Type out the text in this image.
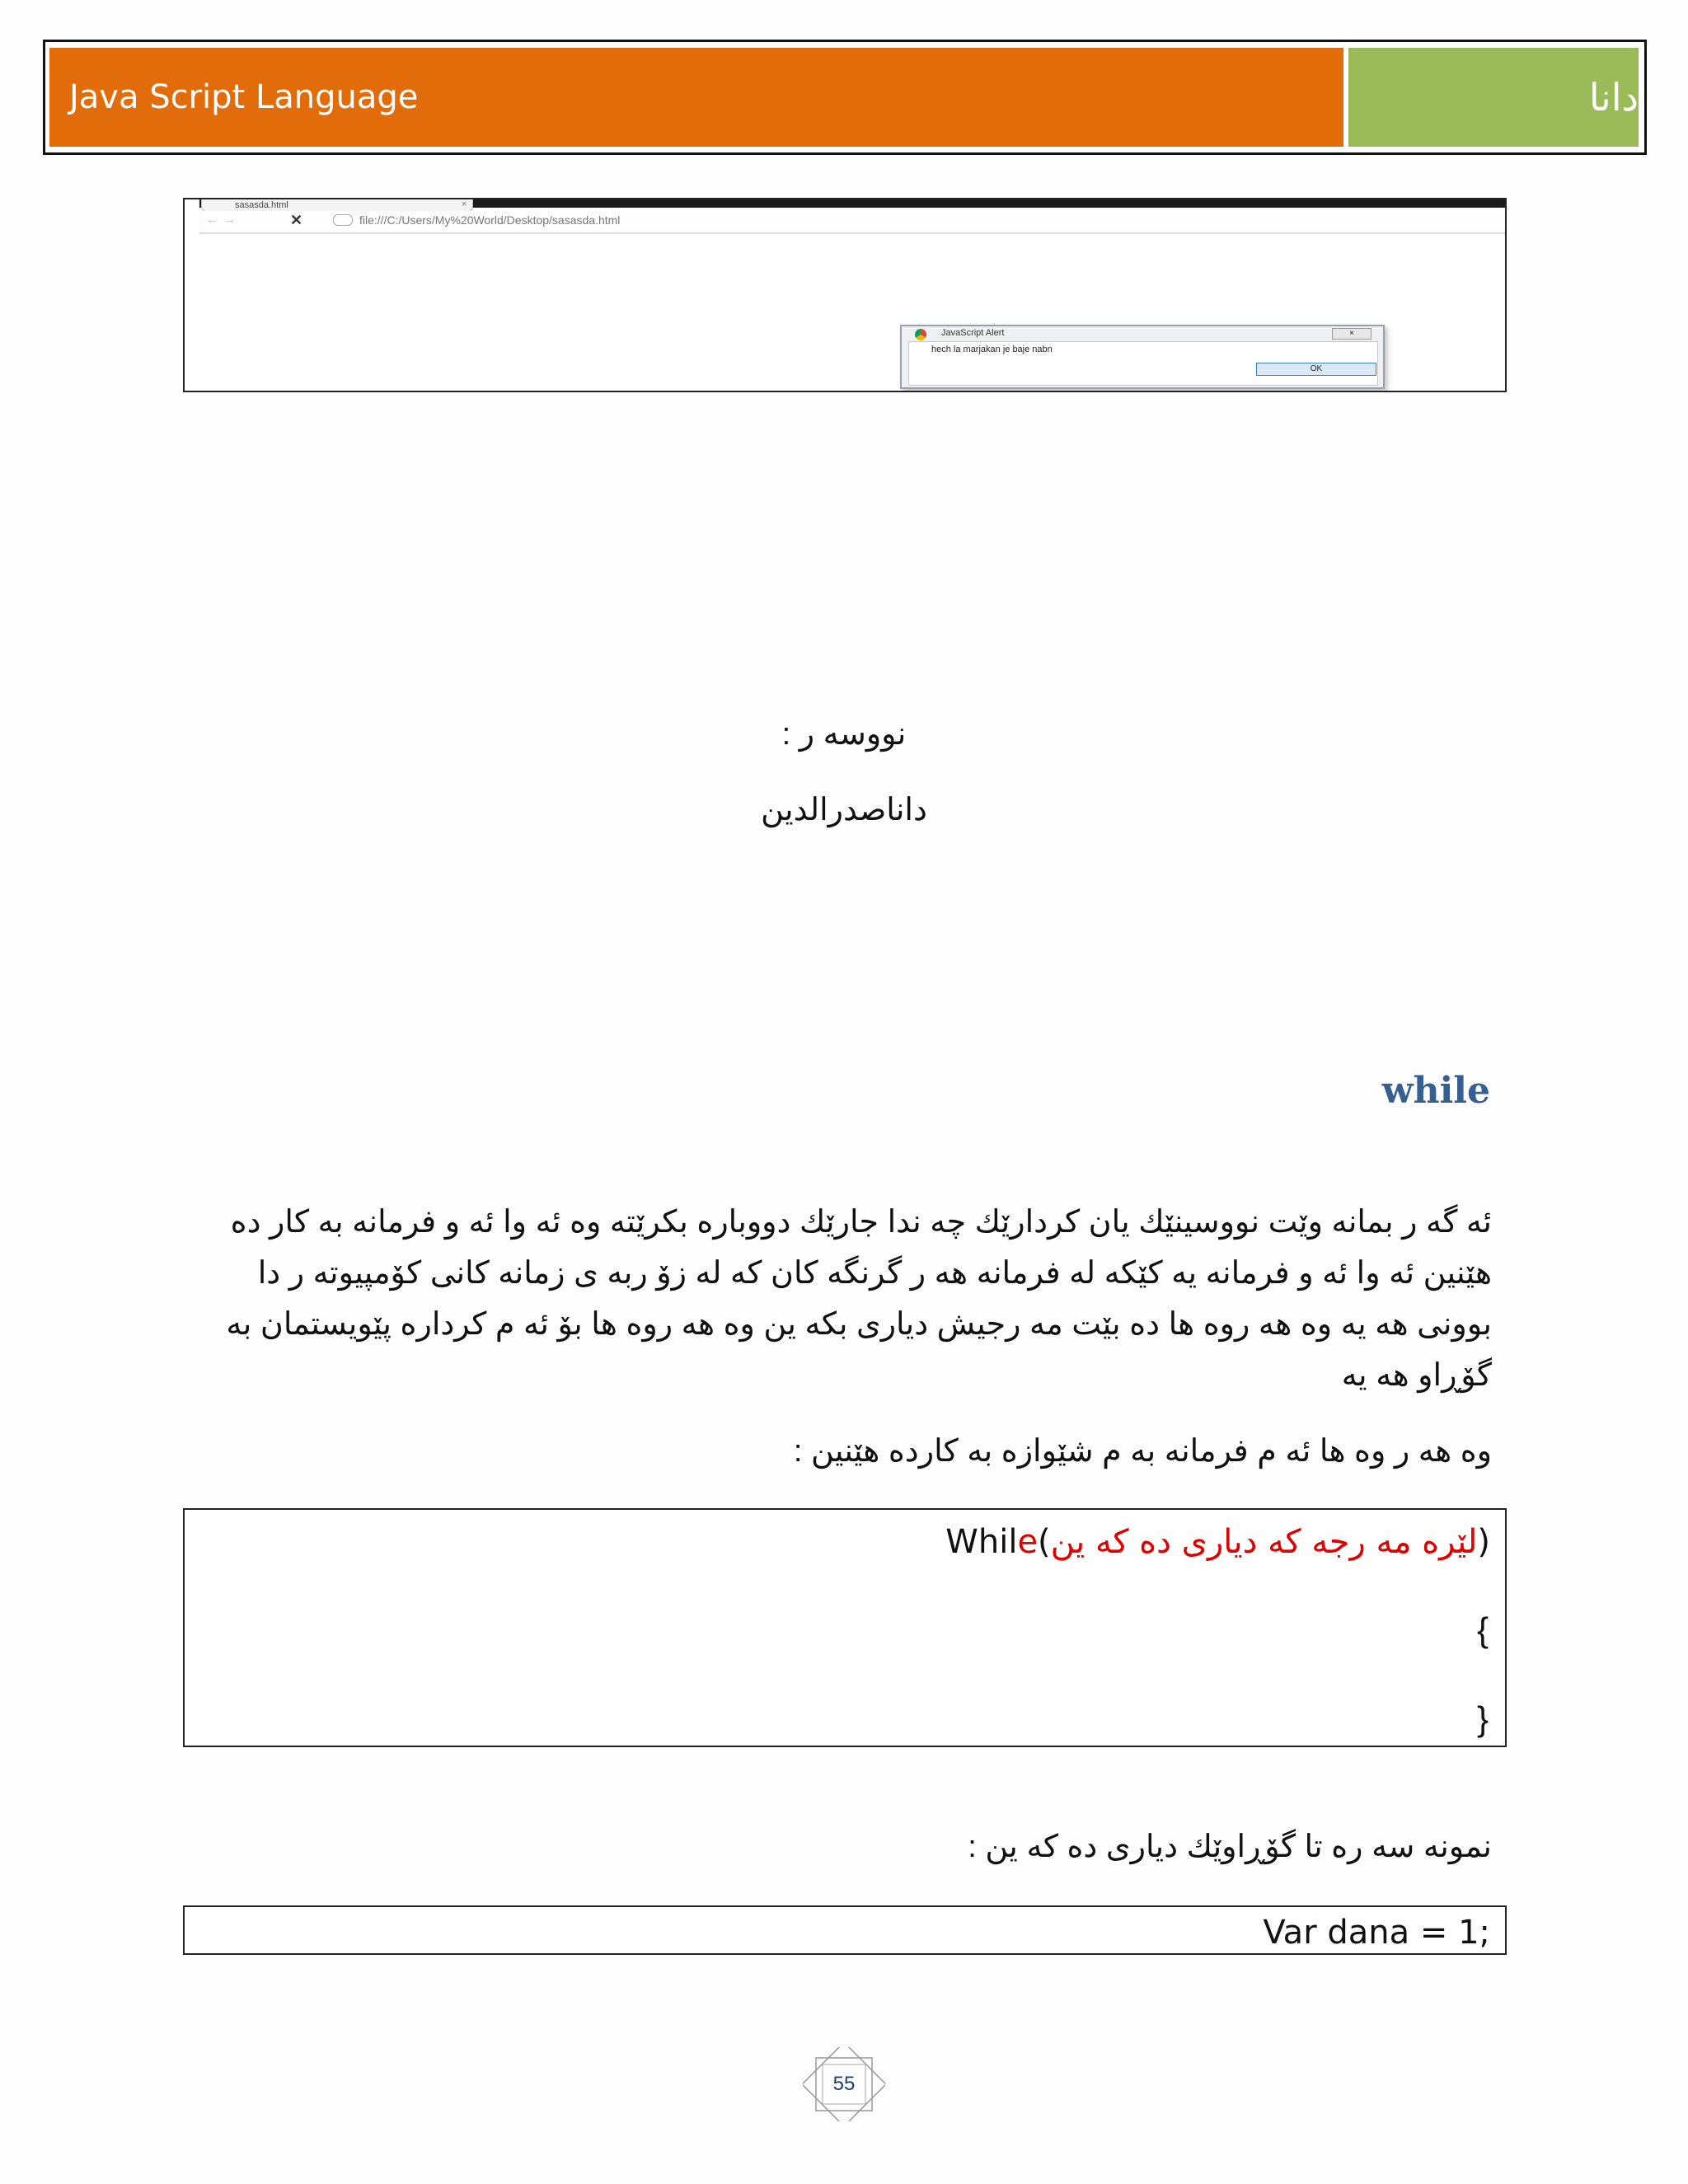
Java Script Language	دانا
sasasda.html	×
←→	✕	file:///C:/Users/My%20World/Desktop/sasasda.html
JavaScript Alert	×
hech la marjakan je baje nabn
OK
نووسه ر :
داناصدرالدين
while
ئه گه ر بمانه وێت نووسینێك یان كردارێك چه ندا جارێك دووباره بكرێته وه ئه وا ئه و فرمانه به كار ده هێنین ئه وا ئه و فرمانه یه كێكه له فرمانه هه ر گرنگه كان كه له زۆ ربه ی زمانه كانی كۆمپیوته ر دا بوونی هه یه وه هه روه ها ده بێت مه رجیش دیاری بكه ین وه هه روه ها بۆ ئه م كرداره پێویستمان به گۆڕاو هه یه
وه هه ر وه ها ئه م فرمانه به م شێوازه به كارده هێنین :
While(لێره مه رجه كه دیاری ده كه ین)
{
}
نمونه سه ره تا گۆڕاوێك دیاری ده كه ین :
Var dana = 1;
55
